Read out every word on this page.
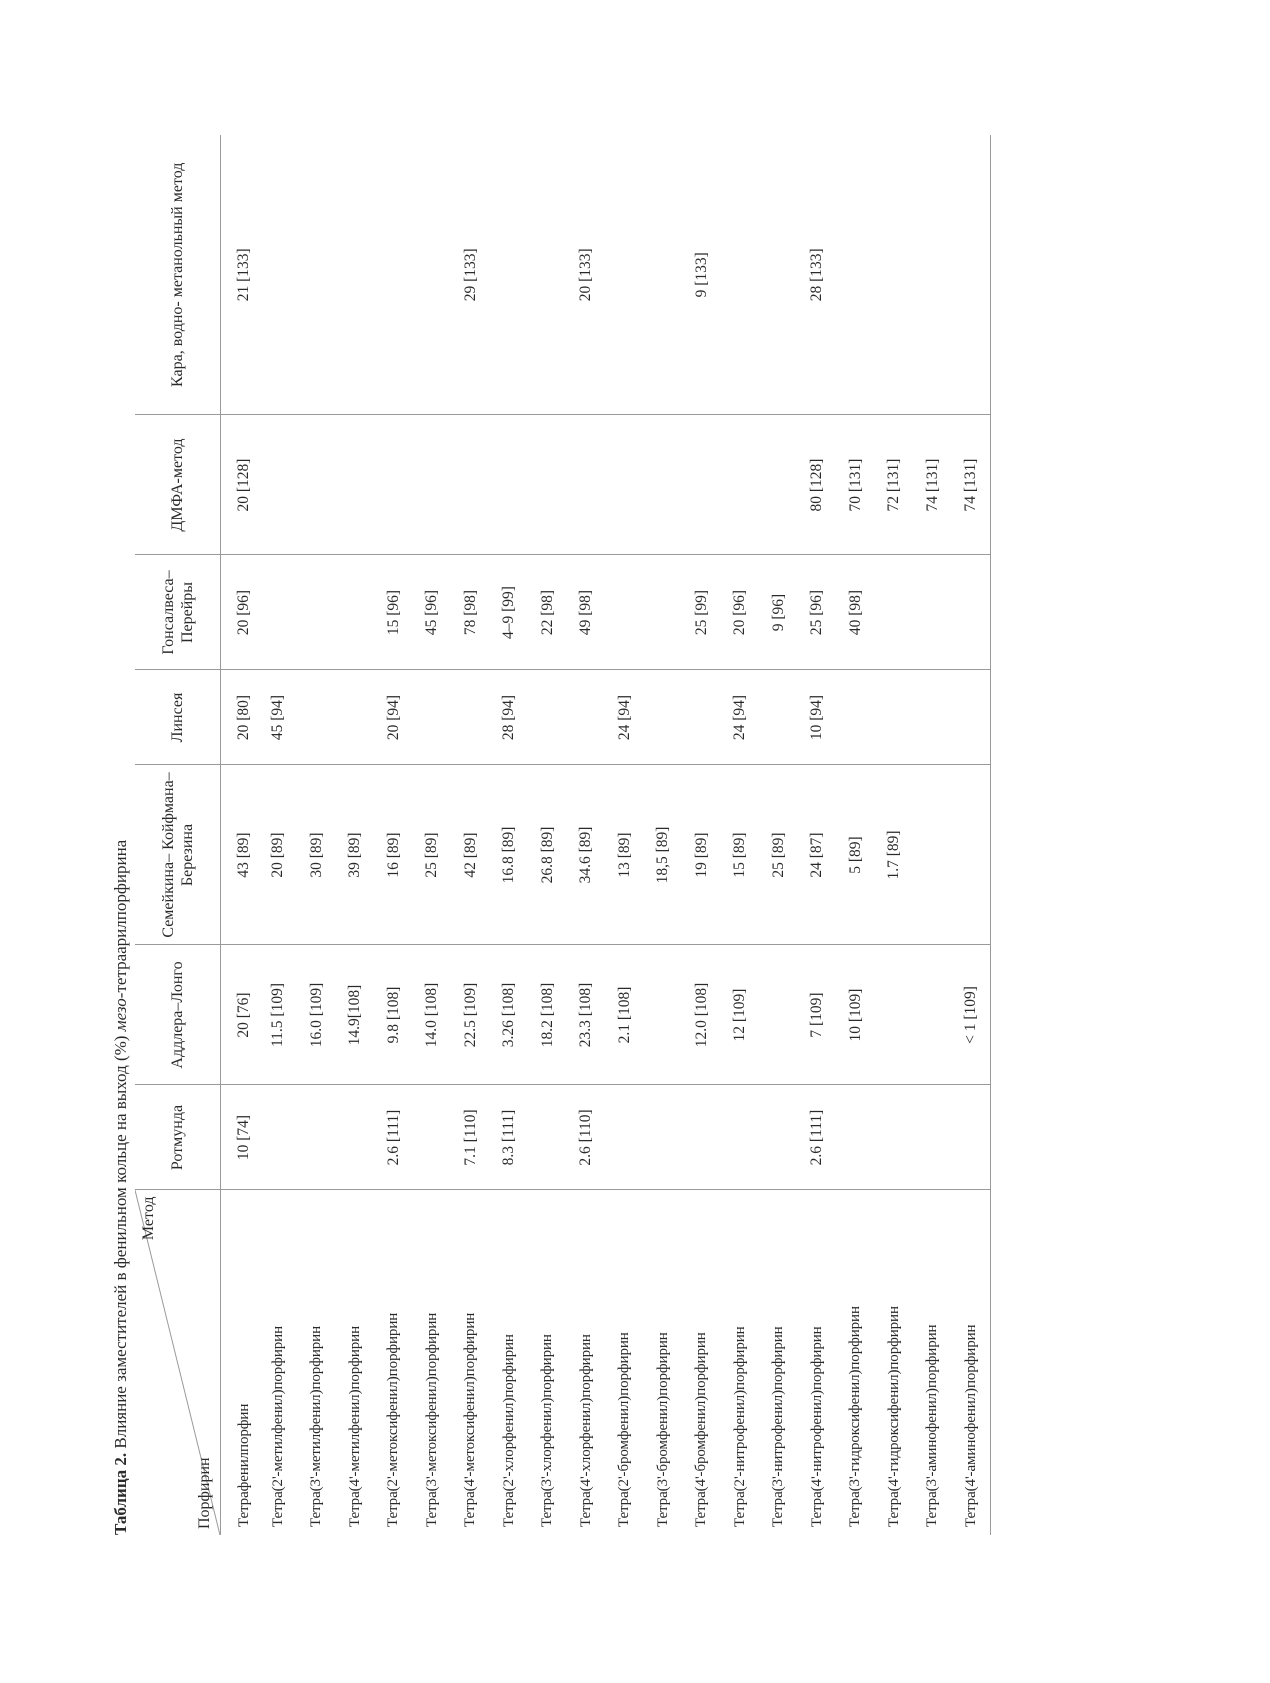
Таблица 2. Влияние заместителей в фенильном кольце на выход (%) мезо-тетраарилпорфирина
Метод
Порфирин	Ротмунда	Аддлера–Лонго	Семейкина– Койфмана–Березина	Линсея	Гонсалвеса– Перейры	ДМФА-метод	Кара, водно- метанольный метод
Тетрафенилпорфин	10 [74]	20 [76]	43 [89]	20 [80]	20 [96]	20 [128]	21 [133]
Тетра(2'-метилфенил)порфирин		11.5 [109]	20 [89]	45 [94]			
Тетра(3'-метилфенил)порфирин		16.0 [109]	30 [89]				
Тетра(4'-метилфенил)порфирин		14.9[108]	39 [89]				
Тетра(2'-метоксифенил)порфирин	2.6 [111]	9.8 [108]	16 [89]	20 [94]	15 [96]		
Тетра(3'-метоксифенил)порфирин		14.0 [108]	25 [89]		45 [96]		
Тетра(4'-метоксифенил)порфирин	7.1 [110]	22.5 [109]	42 [89]		78 [98]		29 [133]
Тетра(2'-хлорфенил)порфирин	8.3 [111]	3.26 [108]	16.8 [89]	28 [94]	4–9 [99]		
Тетра(3'-хлорфенил)порфирин		18.2 [108]	26.8 [89]		22 [98]		
Тетра(4'-хлорфенил)порфирин	2.6 [110]	23.3 [108]	34.6 [89]		49 [98]		20 [133]
Тетра(2'-бромфенил)порфирин		2.1 [108]	13 [89]	24 [94]			
Тетра(3'-бромфенил)порфирин			18,5 [89]				
Тетра(4'-бромфенил)порфирин		12.0 [108]	19 [89]		25 [99]		9 [133]
Тетра(2'-нитрофенил)порфирин		12 [109]	15 [89]	24 [94]	20 [96]		
Тетра(3'-нитрофенил)порфирин			25 [89]		9 [96]		
Тетра(4'-нитрофенил)порфирин	2.6 [111]	7 [109]	24 [87]	10 [94]	25 [96]	80 [128]	28 [133]
Тетра(3'-гидроксифенил)порфирин		10 [109]	5 [89]		40 [98]	70 [131]	
Тетра(4'-гидроксифенил)порфирин			1.7 [89]			72 [131]	
Тетра(3'-аминофенил)порфирин						74 [131]	
Тетра(4'-аминофенил)порфирин		< 1 [109]				74 [131]	
